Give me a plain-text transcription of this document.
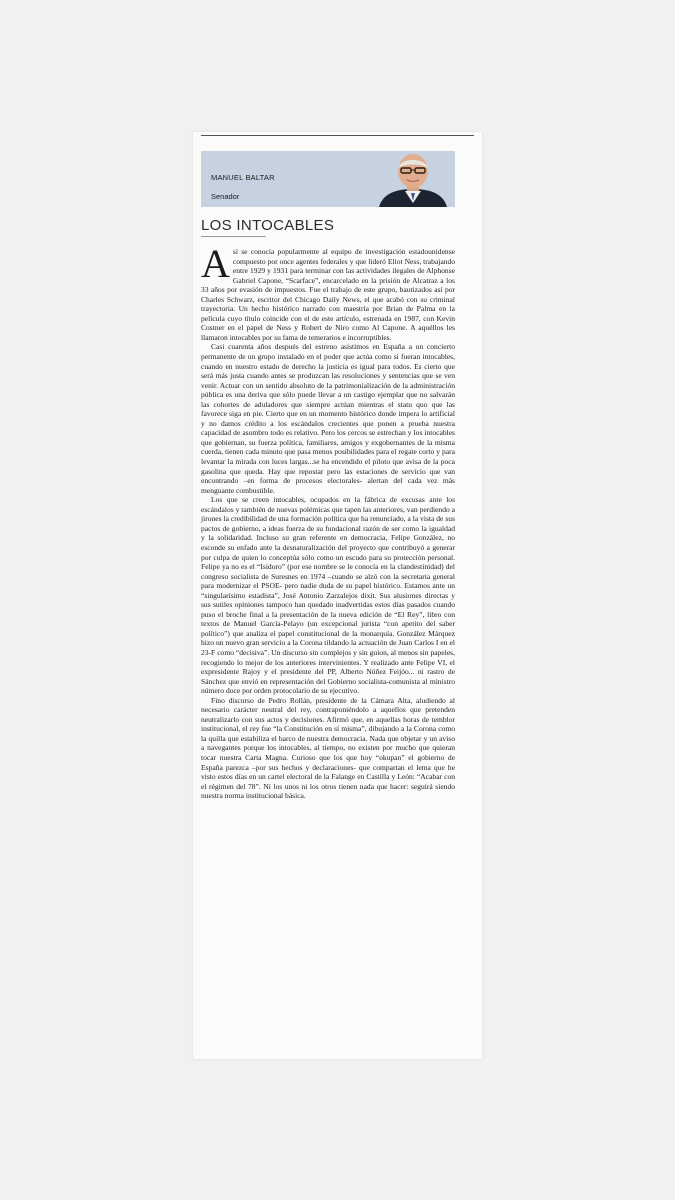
MANUEL BALTAR
Senador
LOS INTOCABLES

Así se conocía popularmente al equipo de investigación estadounidense compuesto por once agentes federales y que lideró Eliot Ness, trabajando entre 1929 y 1931 para terminar con las actividades ilegales de Alphonse Gabriel Capone, “Scarface”, encarcelado en la prisión de Alcatraz a los 33 años por evasión de impuestos. Fue el trabajo de este grupo, bautizados así por Charles Schwarz, escritor del Chicago Daily News, el que acabó con su criminal trayectoria. Un hecho histórico narrado con maestría por Brian de Palma en la película cuyo título coincide con el de este artículo, estrenada en 1987, con Kevin Costner en el papel de Ness y Robert de Niro como Al Capone. A aquéllos les llamaron intocables por su fama de temerarios e incorruptibles.

Casi cuarenta años después del estreno asistimos en España a un concierto permanente de un grupo instalado en el poder que actúa como si fueran intocables, cuando en nuestro estado de derecho la justicia es igual para todos. Es cierto que será más justa cuando antes se produzcan las resoluciones y sentencias que se ven venir. Actuar con un sentido absoluto de la patrimonialización de la administración pública es una deriva que sólo puede llevar a un castigo ejemplar que no salvarán las cohortes de aduladores que siempre actúan mientras el statu quo que las favorece siga en pie. Cierto que en un momento histórico donde impera lo artificial y no damos crédito a los escándalos crecientes que ponen a prueba nuestra capacidad de asombro todo es relativo. Pero los cercos se estrechan y los intocables que gobiernan, su fuerza política, familiares, amigos y exgobernantes de la misma cuerda, tienen cada minuto que pasa menos posibilidades para el regate corto y para levantar la mirada con luces largas...se ha encendido el piloto que avisa de la poca gasolina que queda. Hay que repostar pero las estaciones de servicio que van encontrando –en forma de procesos electorales- alertan del cada vez más menguante combustible.

Los que se creen intocables, ocupados en la fábrica de excusas ante los escándalos y también de nuevas polémicas que tapen las anteriores, van perdiendo a jirones la credibilidad de una formación política que ha renunciado, a la vista de sus pactos de gobierno, a ideas fuerza de su fundacional razón de ser como la igualdad y la solidaridad. Incluso su gran referente en democracia, Felipe González, no esconde su enfado ante la desnaturalización del proyecto que contribuyó a generar por culpa de quien lo conceptúa sólo como un escudo para su protección personal. Felipe ya no es el “Isidoro” (por ese nombre se le conocía en la clandestinidad) del congreso socialista de Suresnes en 1974 –cuando se alzó con la secretaria general para modernizar el PSOE- pero nadie duda de su papel histórico. Estamos ante un “singularísimo estadista”, José Antonio Zarzalejos dixit. Sus alusiones directas y sus sutiles opiniones tampoco han quedado inadvertidas estos días pasados cuando puso el broche final a la presentación de la nueva edición de “El Rey”, libro con textos de Manuel García-Pelayo (un excepcional jurista “con apetito del saber político”) que analiza el papel constitucional de la monarquía. González Márquez hizo un nuevo gran servicio a la Corona tildando la actuación de Juan Carlos I en el 23-F como “decisiva”. Un discurso sin complejos y sin guion, al menos sin papeles, recogiendo lo mejor de los anteriores intervinientes. Y realizado ante Felipe VI, el expresidente Rajoy y el presidente del PP, Alberto Núñez Feijóo... ni rastro de Sánchez que envió en representación del Gobierno socialista-comunista al ministro número doce por orden protocolario de su ejecutivo.

Fino discurso de Pedro Rollán, presidente de la Cámara Alta, aludiendo al necesario carácter neutral del rey, contraponiéndolo a aquellos que pretenden neutralizarlo con sus actos y decisiones. Afirmó que, en aquellas horas de temblor institucional, el rey fue “la Constitución en sí misma”, dibujando a la Corona como la quilla que estabiliza el barco de nuestra democracia. Nada que objetar y un aviso a navegantes porque los intocables, al tiempo, no existen por mucho que quieran tocar nuestra Carta Magna. Curioso que los que hoy “okupan” el gobierno de España parezca –por sus hechos y declaraciones- que compartan el lema que he visto estos días en un cartel electoral de la Falange en Castilla y León: “Acabar con el régimen del 78”. Ni los unos ni los otros tienen nada que hacer: seguirá siendo nuestra norma institucional básica.
